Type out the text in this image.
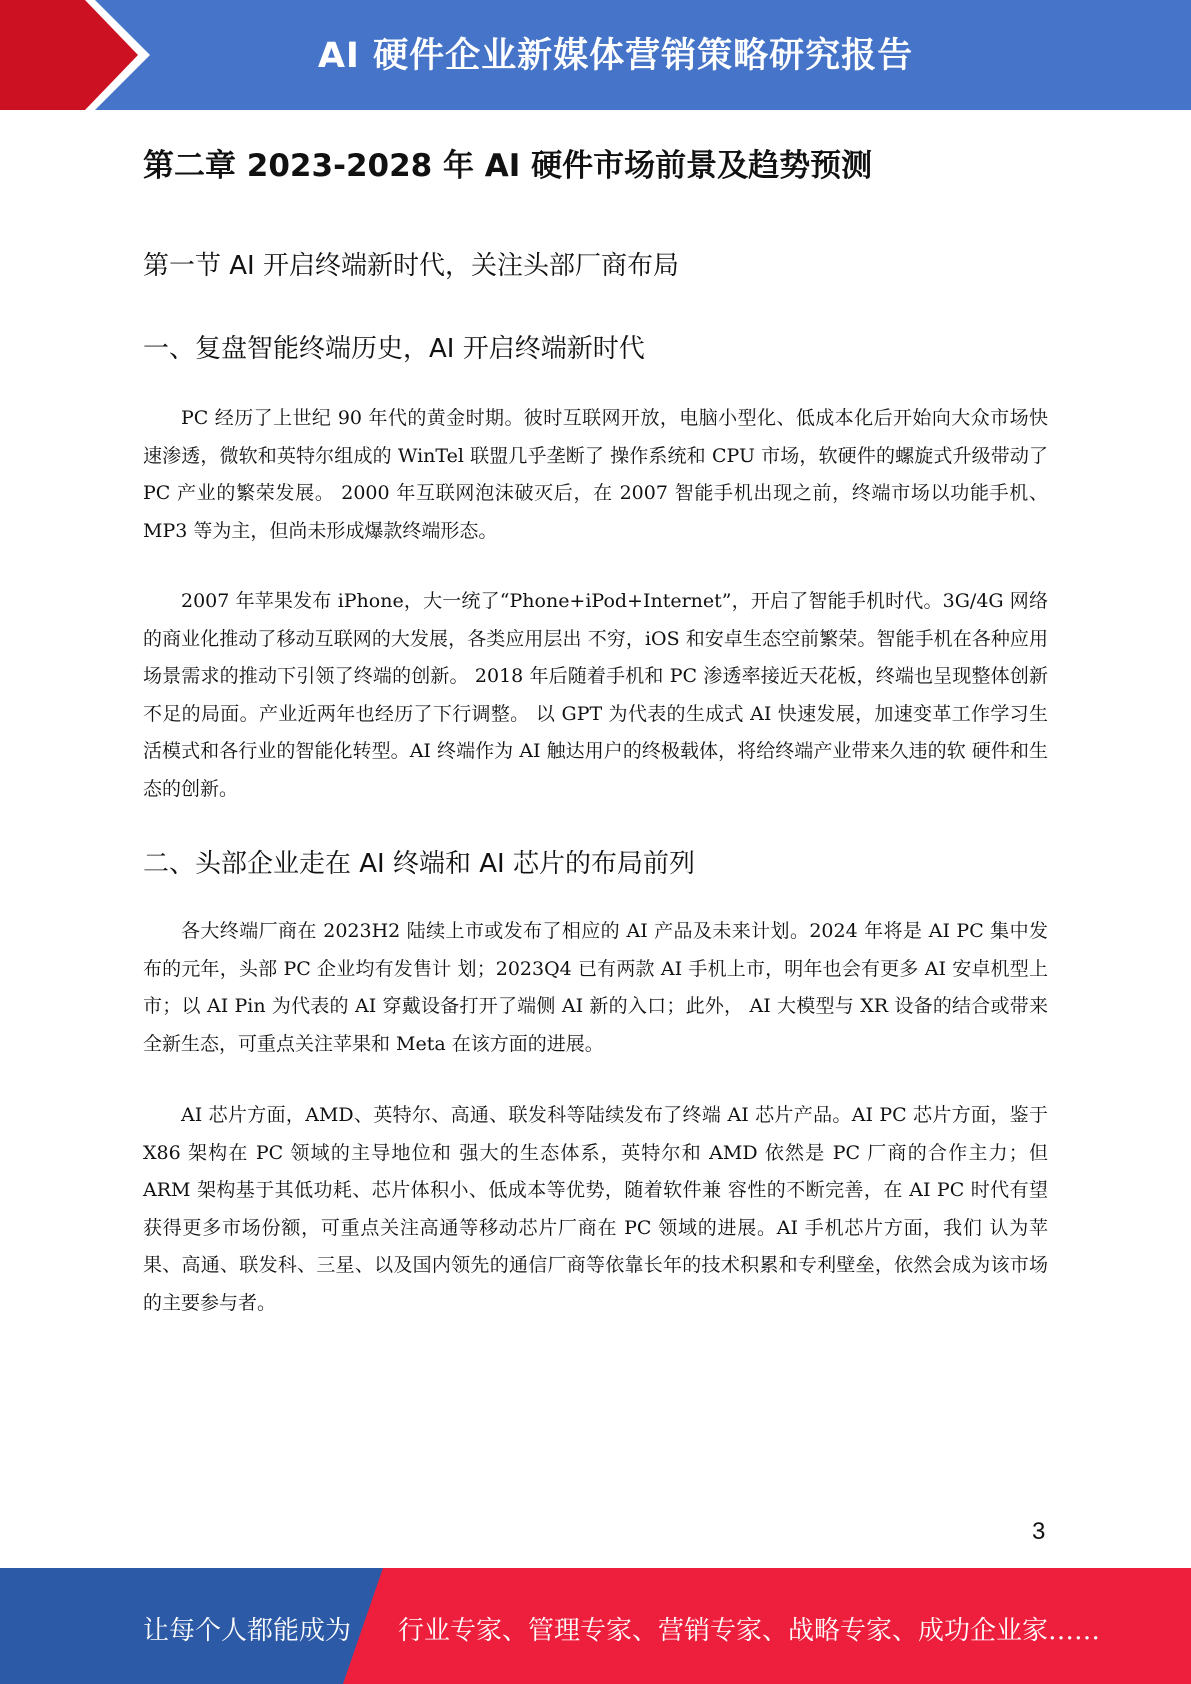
AI 硬件企业新媒体营销策略研究报告
第二章 2023-2028 年 AI 硬件市场前景及趋势预测
第一节 AI 开启终端新时代，关注头部厂商布局
一、复盘智能终端历史，AI 开启终端新时代

PC 经历了上世纪 90 年代的黄金时期。彼时互联网开放，电脑小型化、低成本化后开始向大众市场快速渗透，微软和英特尔组成的 WinTel 联盟几乎垄断了 操作系统和 CPU 市场，软硬件的螺旋式升级带动了 PC 产业的繁荣发展。 2000 年互联网泡沫破灭后，在 2007 智能手机出现之前，终端市场以功能手机、MP3 等为主，但尚未形成爆款终端形态。

2007 年苹果发布 iPhone，大一统了“Phone+iPod+Internet”，开启了智能手机时代。3G/4G 网络的商业化推动了移动互联网的大发展，各类应用层出 不穷，iOS 和安卓生态空前繁荣。智能手机在各种应用场景需求的推动下引领了终端的创新。 2018 年后随着手机和 PC 渗透率接近天花板，终端也呈现整体创新不足的局面。产业近两年也经历了下行调整。 以 GPT 为代表的生成式 AI 快速发展，加速变革工作学习生活模式和各行业的智能化转型。AI 终端作为 AI 触达用户的终极载体，将给终端产业带来久违的软 硬件和生态的创新。

二、头部企业走在 AI 终端和 AI 芯片的布局前列

各大终端厂商在 2023H2 陆续上市或发布了相应的 AI 产品及未来计划。2024 年将是 AI PC 集中发布的元年，头部 PC 企业均有发售计 划；2023Q4 已有两款 AI 手机上市，明年也会有更多 AI 安卓机型上市；以 AI Pin 为代表的 AI 穿戴设备打开了端侧 AI 新的入口；此外， AI 大模型与 XR 设备的结合或带来全新生态，可重点关注苹果和 Meta 在该方面的进展。

AI 芯片方面，AMD、英特尔、高通、联发科等陆续发布了终端 AI 芯片产品。AI PC 芯片方面，鉴于 X86 架构在 PC 领域的主导地位和 强大的生态体系，英特尔和 AMD 依然是 PC 厂商的合作主力；但 ARM 架构基于其低功耗、芯片体积小、低成本等优势，随着软件兼 容性的不断完善，在 AI PC 时代有望获得更多市场份额，可重点关注高通等移动芯片厂商在 PC 领域的进展。AI 手机芯片方面，我们 认为苹果、高通、联发科、三星、以及国内领先的通信厂商等依靠长年的技术积累和专利壁垒，依然会成为该市场的主要参与者。

3
让每个人都能成为 行业专家、管理专家、营销专家、战略专家、成功企业家……
